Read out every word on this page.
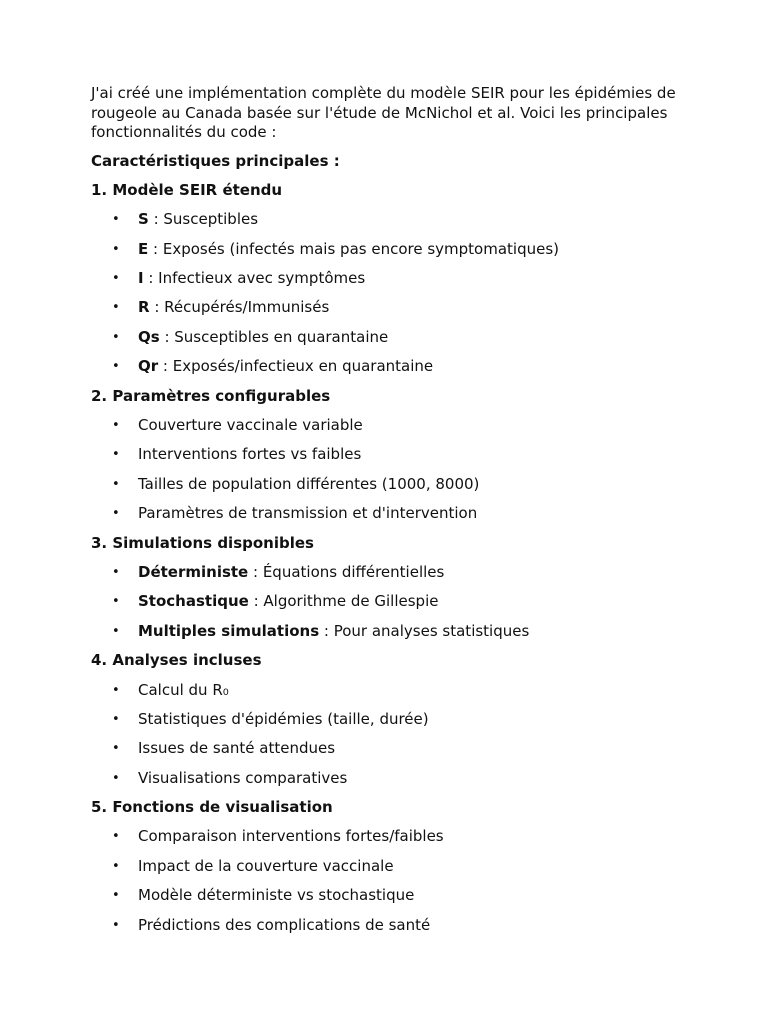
J'ai créé une implémentation complète du modèle SEIR pour les épidémies de rougeole au Canada basée sur l'étude de McNichol et al. Voici les principales fonctionnalités du code :

Caractéristiques principales :

1. Modèle SEIR étendu

• S : Susceptibles
• E : Exposés (infectés mais pas encore symptomatiques)
• I : Infectieux avec symptômes
• R : Récupérés/Immunisés
• Qs : Susceptibles en quarantaine
• Qr : Exposés/infectieux en quarantaine

2. Paramètres configurables

• Couverture vaccinale variable
• Interventions fortes vs faibles
• Tailles de population différentes (1000, 8000)
• Paramètres de transmission et d'intervention

3. Simulations disponibles

• Déterministe : Équations différentielles
• Stochastique : Algorithme de Gillespie
• Multiples simulations : Pour analyses statistiques

4. Analyses incluses

• Calcul du R₀
• Statistiques d'épidémies (taille, durée)
• Issues de santé attendues
• Visualisations comparatives

5. Fonctions de visualisation

• Comparaison interventions fortes/faibles
• Impact de la couverture vaccinale
• Modèle déterministe vs stochastique
• Prédictions des complications de santé
